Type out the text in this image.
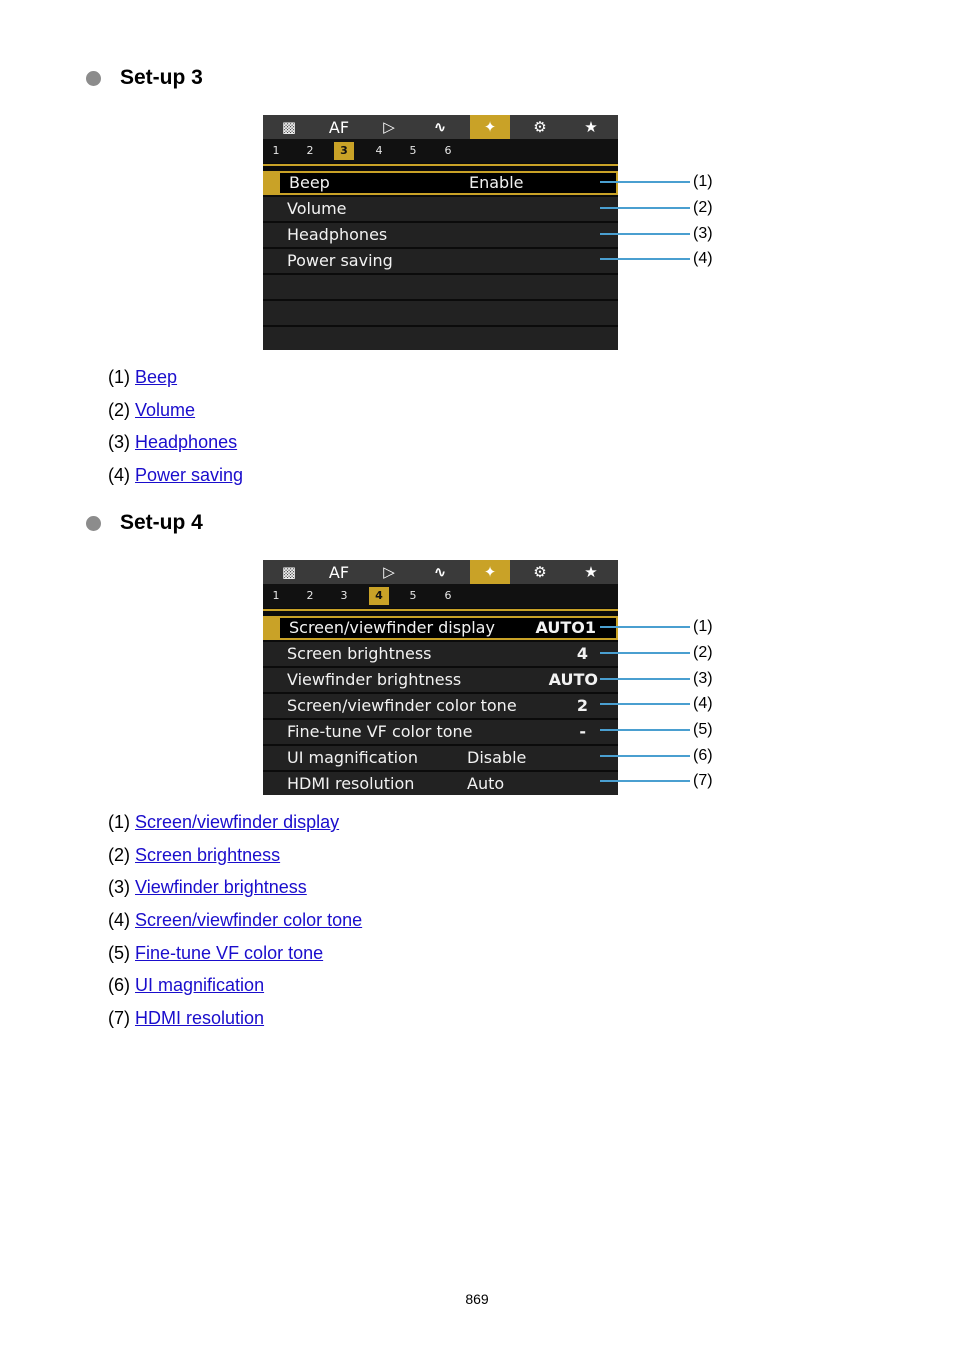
Set-up 3
▩ AF ▷	∿ ✦ ⚙	★
1	2	3	4	5	6
Beep	Enable
Volume
Headphones
Power saving
(1)
(2)
(3)
(4)
(1) Beep
(2) Volume
(3) Headphones
(4) Power saving
Set-up 4
▩ AF ▷	∿ ✦ ⚙	★
1	2	3	4	5	6
Screen/viewfinder display	AUTO1
Screen brightness	4
Viewfinder brightness	AUTO
Screen/viewfinder color tone	2
Fine-tune VF color tone	-
UI magnification	Disable
HDMI resolution	Auto
(1)
(2)
(3)
(4)
(5)
(6)
(7)
(1) Screen/viewfinder display
(2) Screen brightness
(3) Viewfinder brightness
(4) Screen/viewfinder color tone
(5) Fine-tune VF color tone
(6) UI magnification
(7) HDMI resolution
869
